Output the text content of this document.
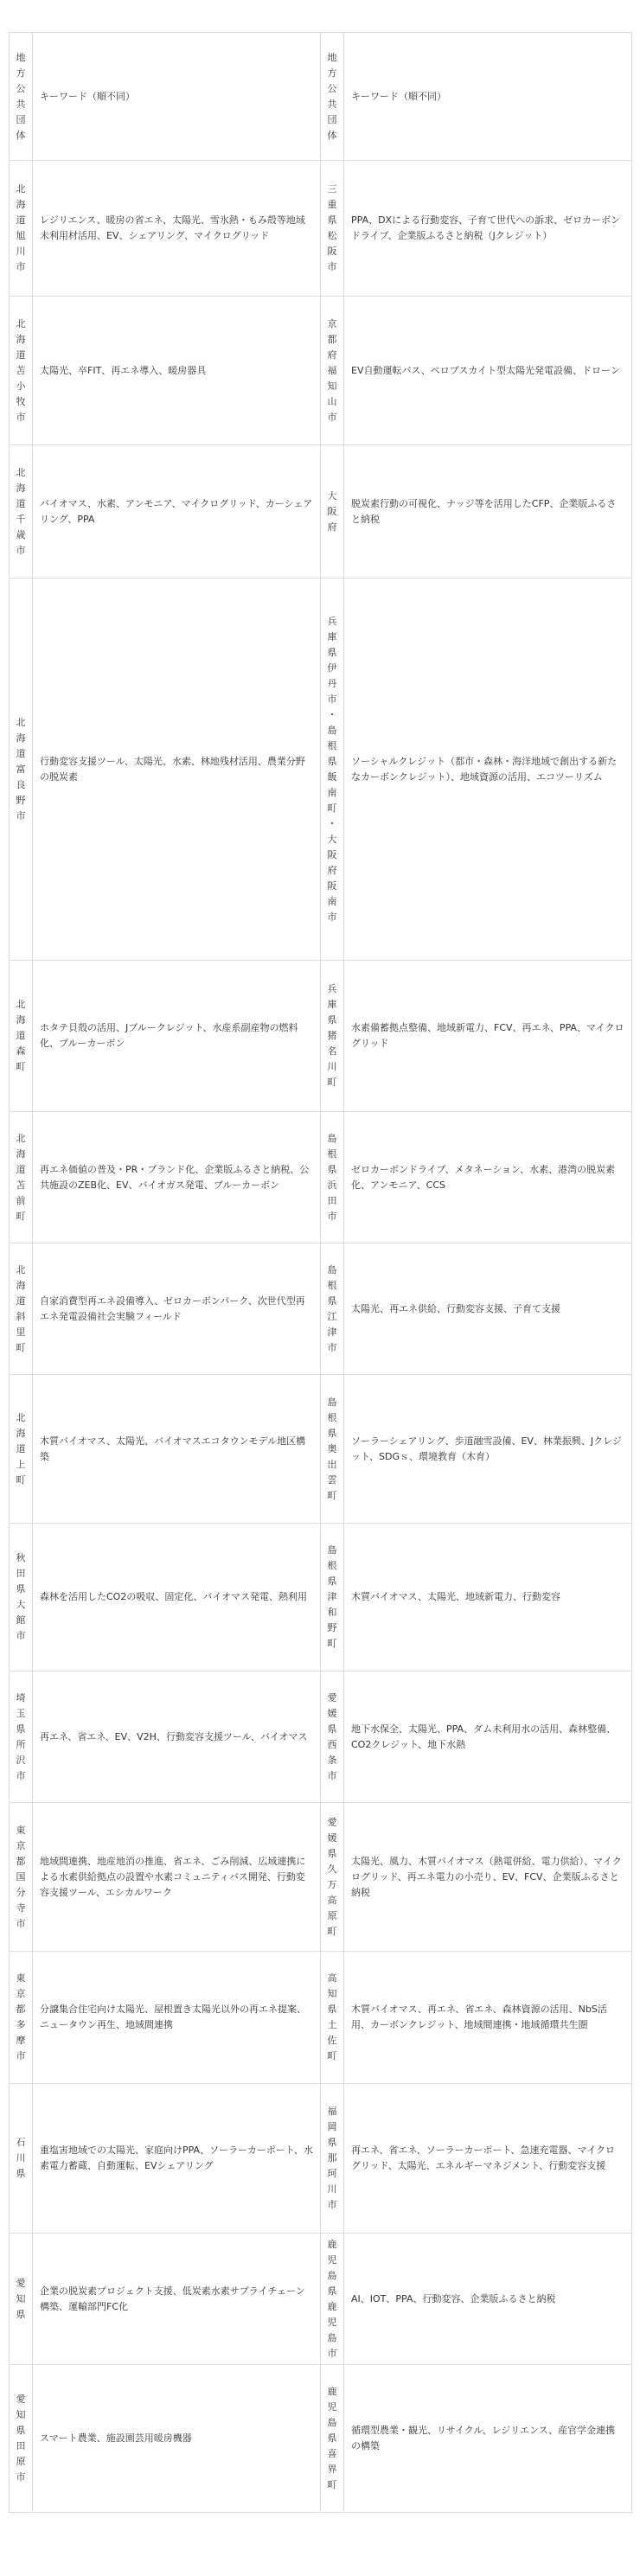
地方公共団体	キーワード（順不同）	地方公共団体	キーワード（順不同）
北海道旭川市	レジリエンス、暖房の省エネ、太陽光、雪氷熱・もみ殻等地域未利用材活用、EV、シェアリング、マイクログリッド	三重県松阪市	PPA、DXによる行動変容、子育て世代への訴求、ゼロカーボンドライブ、企業版ふるさと納税（Jクレジット）
北海道苫小牧市	太陽光、卒FIT、再エネ導入、暖房器具	京都府福知山市	EV自動運転バス、ペロブスカイト型太陽光発電設備、ドローン
北海道千歳市	バイオマス、水素、アンモニア、マイクログリッド、カーシェアリング、PPA	大阪府	脱炭素行動の可視化、ナッジ等を活用したCFP、企業版ふるさと納税
北海道富良野市	行動変容支援ツール、太陽光、水素、林地残材活用、農業分野の脱炭素	兵庫県伊丹市・島根県飯南町・大阪府阪南市	ソーシャルクレジット（都市・森林・海洋地域で創出する新たなカーボンクレジット）、地域資源の活用、エコツーリズム
北海道森町	ホタテ貝殻の活用、Jブルークレジット、水産系副産物の燃料化、ブルーカーボン	兵庫県猪名川町	水素備蓄拠点整備、地域新電力、FCV、再エネ、PPA、マイクログリッド
北海道苫前町	再エネ価値の普及・PR・ブランド化、企業版ふるさと納税、公共施設のZEB化、EV、バイオガス発電、ブルーカーボン	島根県浜田市	ゼロカーボンドライブ、メタネーション、水素、港湾の脱炭素化、アンモニア、CCS
北海道斜里町	自家消費型再エネ設備導入、ゼロカーボンパーク、次世代型再エネ発電設備社会実験フィールド	島根県江津市	太陽光、再エネ供給、行動変容支援、子育て支援
北海道上町	木質バイオマス、太陽光、バイオマスエコタウンモデル地区構築	島根県奥出雲町	ソーラーシェアリング、歩道融雪設備、EV、林業振興、Jクレジット、SDGｓ、環境教育（木育）
秋田県大館市	森林を活用したCO2の吸収、固定化、バイオマス発電、熱利用	島根県津和野町	木質バイオマス、太陽光、地域新電力、行動変容
埼玉県所沢市	再エネ、省エネ、EV、V2H、行動変容支援ツール、バイオマス	愛媛県西条市	地下水保全、太陽光、PPA、ダム未利用水の活用、森林整備、CO2クレジット、地下水熱
東京都国分寺市	地域間連携、地産地消の推進、省エネ、ごみ削減、広域連携による水素供給拠点の設置や水素コミュニティバス開発、行動変容支援ツール、エシカルワーク	愛媛県久万高原町	太陽光、風力、木質バイオマス（熱電併給、電力供給）、マイクログリッド、再エネ電力の小売り、EV、FCV、企業版ふるさと納税
東京都多摩市	分譲集合住宅向け太陽光、屋根置き太陽光以外の再エネ提案、ニュータウン再生、地域間連携	高知県土佐町	木質バイオマス、再エネ、省エネ、森林資源の活用、NbS活用、カーボンクレジット、地域間連携・地域循環共生圏
石川県	重塩害地域での太陽光、家庭向けPPA、ソーラーカーポート、水素電力蓄蔵、自動運転、EVシェアリング	福岡県那珂川市	再エネ、省エネ、ソーラーカーポート、急速充電器、マイクログリッド、太陽光、エネルギーマネジメント、行動変容支援
愛知県	企業の脱炭素プロジェクト支援、低炭素水素サプライチェーン構築、運輸部門FC化	鹿児島県鹿児島市	AI、IOT、PPA、行動変容、企業版ふるさと納税
愛知県田原市	スマート農業、施設園芸用暖房機器	鹿児島県喜界町	循環型農業・観光、リサイクル、レジリエンス、産官学金連携の構築
